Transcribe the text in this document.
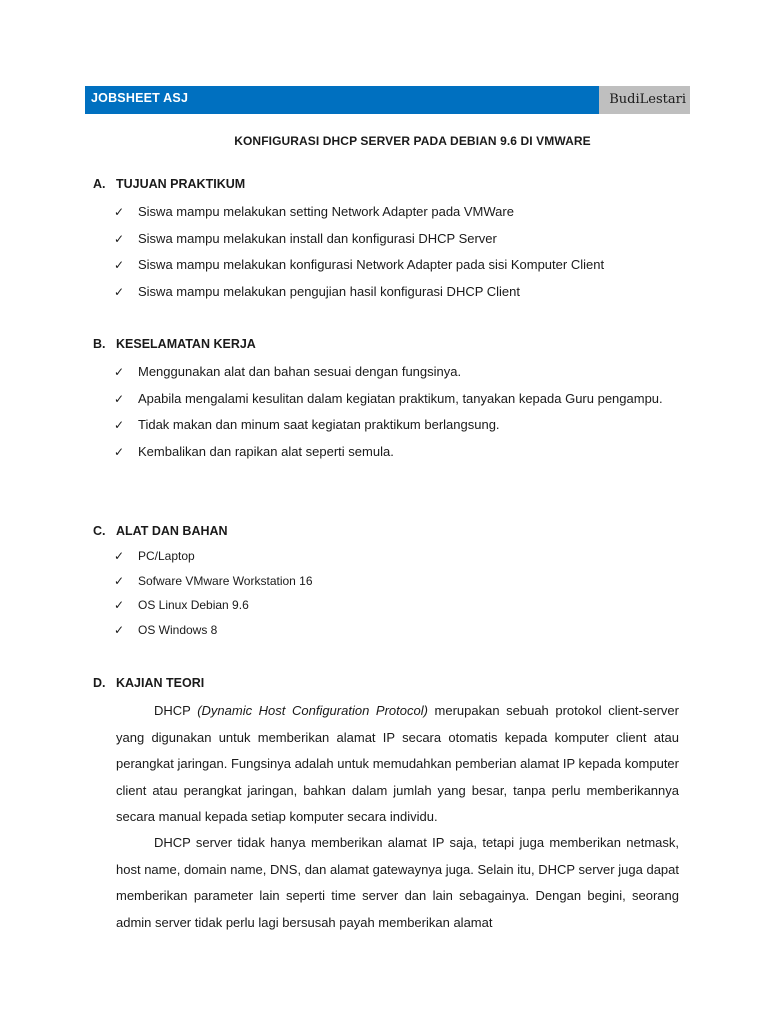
JOBSHEET ASJ	BudiLestari
KONFIGURASI DHCP SERVER PADA DEBIAN 9.6 DI VMWARE
A. TUJUAN PRAKTIKUM
✓	Siswa mampu melakukan setting Network Adapter pada VMWare
✓	Siswa mampu melakukan install dan konfigurasi DHCP Server
✓	Siswa mampu melakukan konfigurasi Network Adapter pada sisi Komputer Client
✓	Siswa mampu melakukan pengujian hasil konfigurasi DHCP Client
B. KESELAMATAN KERJA
✓	Menggunakan alat dan bahan sesuai dengan fungsinya.
✓	Apabila mengalami kesulitan dalam kegiatan praktikum, tanyakan kepada Guru pengampu.
✓	Tidak makan dan minum saat kegiatan praktikum berlangsung.
✓	Kembalikan dan rapikan alat seperti semula.
C. ALAT DAN BAHAN
✓	PC/Laptop
✓	Sofware VMware Workstation 16
✓	OS Linux Debian 9.6
✓	OS Windows 8
D. KAJIAN TEORI

DHCP (Dynamic Host Configuration Protocol) merupakan sebuah protokol client-server yang digunakan untuk memberikan alamat IP secara otomatis kepada komputer client atau perangkat jaringan. Fungsinya adalah untuk memudahkan pemberian alamat IP kepada komputer client atau perangkat jaringan, bahkan dalam jumlah yang besar, tanpa perlu memberikannya secara manual kepada setiap komputer secara individu.

DHCP server tidak hanya memberikan alamat IP saja, tetapi juga memberikan netmask, host name, domain name, DNS, dan alamat gatewaynya juga. Selain itu, DHCP server juga dapat memberikan parameter lain seperti time server dan lain sebagainya. Dengan begini, seorang admin server tidak perlu lagi bersusah payah memberikan alamat
